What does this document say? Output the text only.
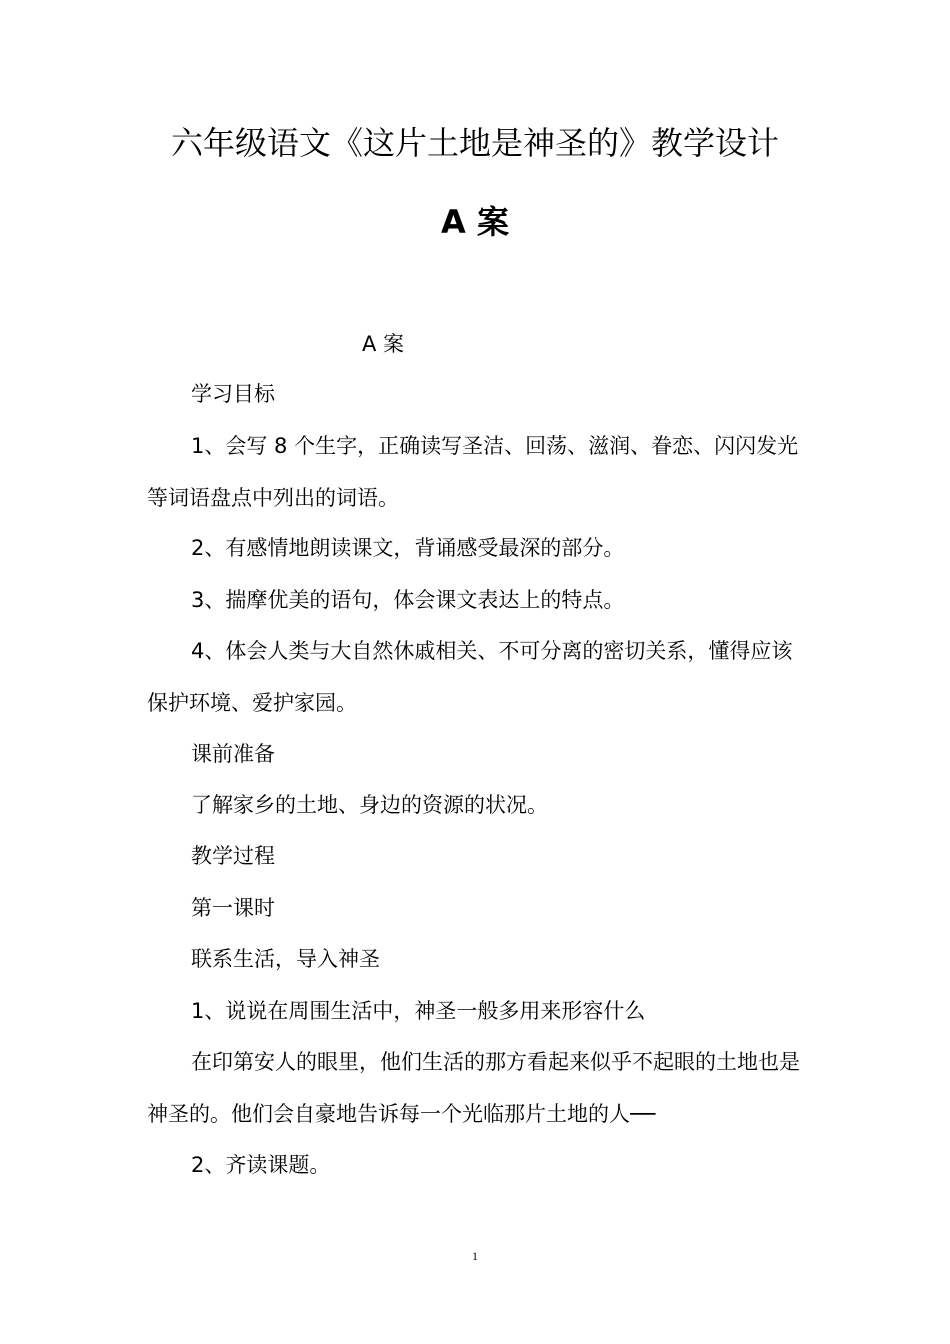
六年级语文《这片土地是神圣的》教学设计
A 案
A 案

学习目标

1、会写 8 个生字，正确读写圣洁、回荡、滋润、眷恋、闪闪发光等词语盘点中列出的词语。

2、有感情地朗读课文，背诵感受最深的部分。

3、揣摩优美的语句，体会课文表达上的特点。

4、体会人类与大自然休戚相关、不可分离的密切关系，懂得应该保护环境、爱护家园。

课前准备

了解家乡的土地、身边的资源的状况。

教学过程

第一课时

联系生活，导入神圣

1、说说在周围生活中，神圣一般多用来形容什么

在印第安人的眼里，他们生活的那方看起来似乎不起眼的土地也是神圣的。他们会自豪地告诉每一个光临那片土地的人──

2、齐读课题。

1
